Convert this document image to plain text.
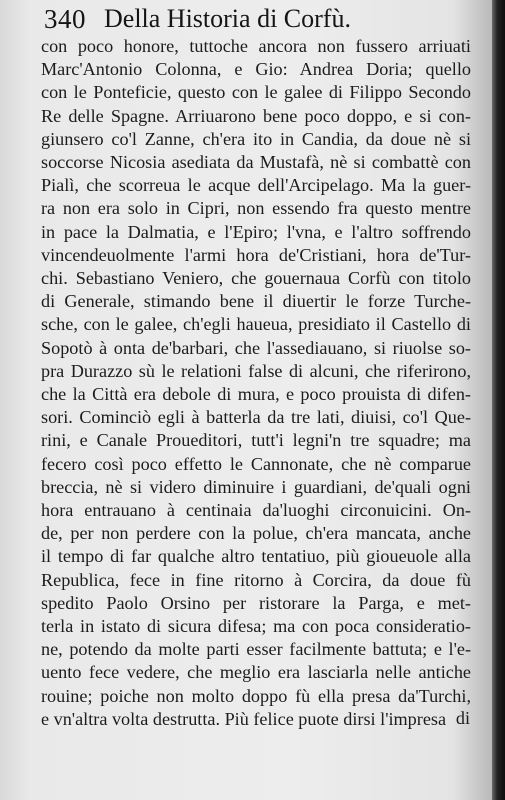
340 Della Historia di Corfù.
con poco honore, tuttoche ancora non fussero arriuati
Marc'Antonio Colonna, e Gio: Andrea Doria; quello
con le Ponteficie, questo con le galee di Filippo Secondo
Re delle Spagne. Arriuarono bene poco doppo, e si con-
giunsero co'l Zanne, ch'era ito in Candia, da doue nè si
soccorse Nicosia asediata da Mustafà, nè si combattè con
Pialì, che scorreua le acque dell'Arcipelago. Ma la guer-
ra non era solo in Cipri, non essendo fra questo mentre
in pace la Dalmatia, e l'Epiro; l'vna, e l'altro soffrendo
vincendeuolmente l'armi hora de'Cristiani, hora de'Tur-
chi. Sebastiano Veniero, che gouernaua Corfù con titolo
di Generale, stimando bene il diuertir le forze Turche-
sche, con le galee, ch'egli haueua, presidiato il Castello di
Sopotò à onta de'barbari, che l'assediauano, si riuolse so-
pra Durazzo sù le relationi false di alcuni, che riferirono,
che la Città era debole di mura, e poco prouista di difen-
sori. Cominciò egli à batterla da tre lati, diuisi, co'l Que-
rini, e Canale Proueditori, tutt'i legni'n tre squadre; ma
fecero così poco effetto le Cannonate, che nè comparue
breccia, nè si videro diminuire i guardiani, de'quali ogni
hora entrauano à centinaia da'luoghi circonuicini. On-
de, per non perdere con la polue, ch'era mancata, anche
il tempo di far qualche altro tentatiuo, più gioueuole alla
Republica, fece in fine ritorno à Corcira, da doue fù
spedito Paolo Orsino per ristorare la Parga, e met-
terla in istato di sicura difesa; ma con poca consideratio-
ne, potendo da molte parti esser facilmente battuta; e l'e-
uento fece vedere, che meglio era lasciarla nelle antiche
rouine; poiche non molto doppo fù ella presa da'Turchi,
e vn'altra volta destrutta. Più felice puote dirsi l'impresa di
